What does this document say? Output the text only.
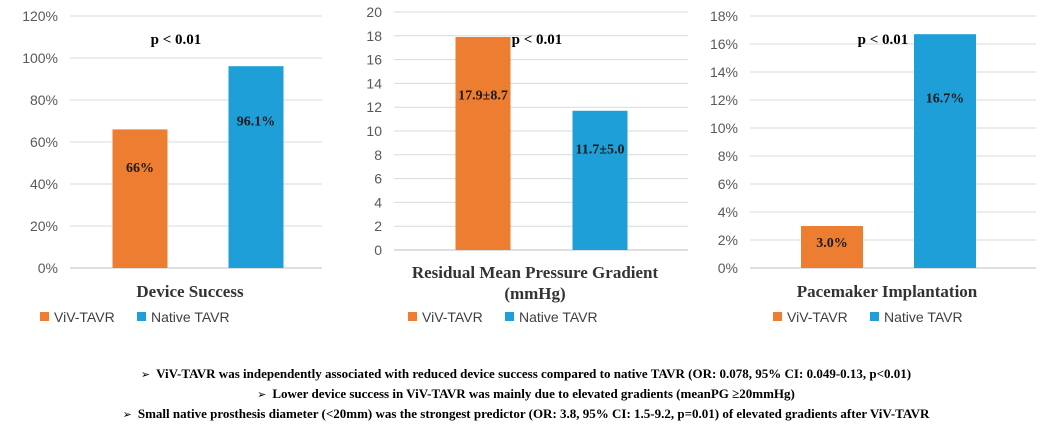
0%
20%
40%
60%
80%
100%
120%
66%
96.1%
p < 0.01
Device Success
ViV-TAVR	Native TAVR
0
2
4
6
8
10
12
14
16
18
20
17.9±8.7
11.7±5.0
p < 0.01
Residual Mean Pressure Gradient
(mmHg)
ViV-TAVR	Native TAVR
0%
2%
4%
6%
8%
10%
12%
14%
16%
18%
3.0%
16.7%
p < 0.01
Pacemaker Implantation
ViV-TAVR	Native TAVR
➢ ViV-TAVR was independently associated with reduced device success compared to native TAVR (OR: 0.078, 95% CI: 0.049-0.13, p<0.01)
➢ Lower device success in ViV-TAVR was mainly due to elevated gradients (meanPG ≥20mmHg)
➢ Small native prosthesis diameter (<20mm) was the strongest predictor (OR: 3.8, 95% CI: 1.5-9.2, p=0.01) of elevated gradients after ViV-TAVR
